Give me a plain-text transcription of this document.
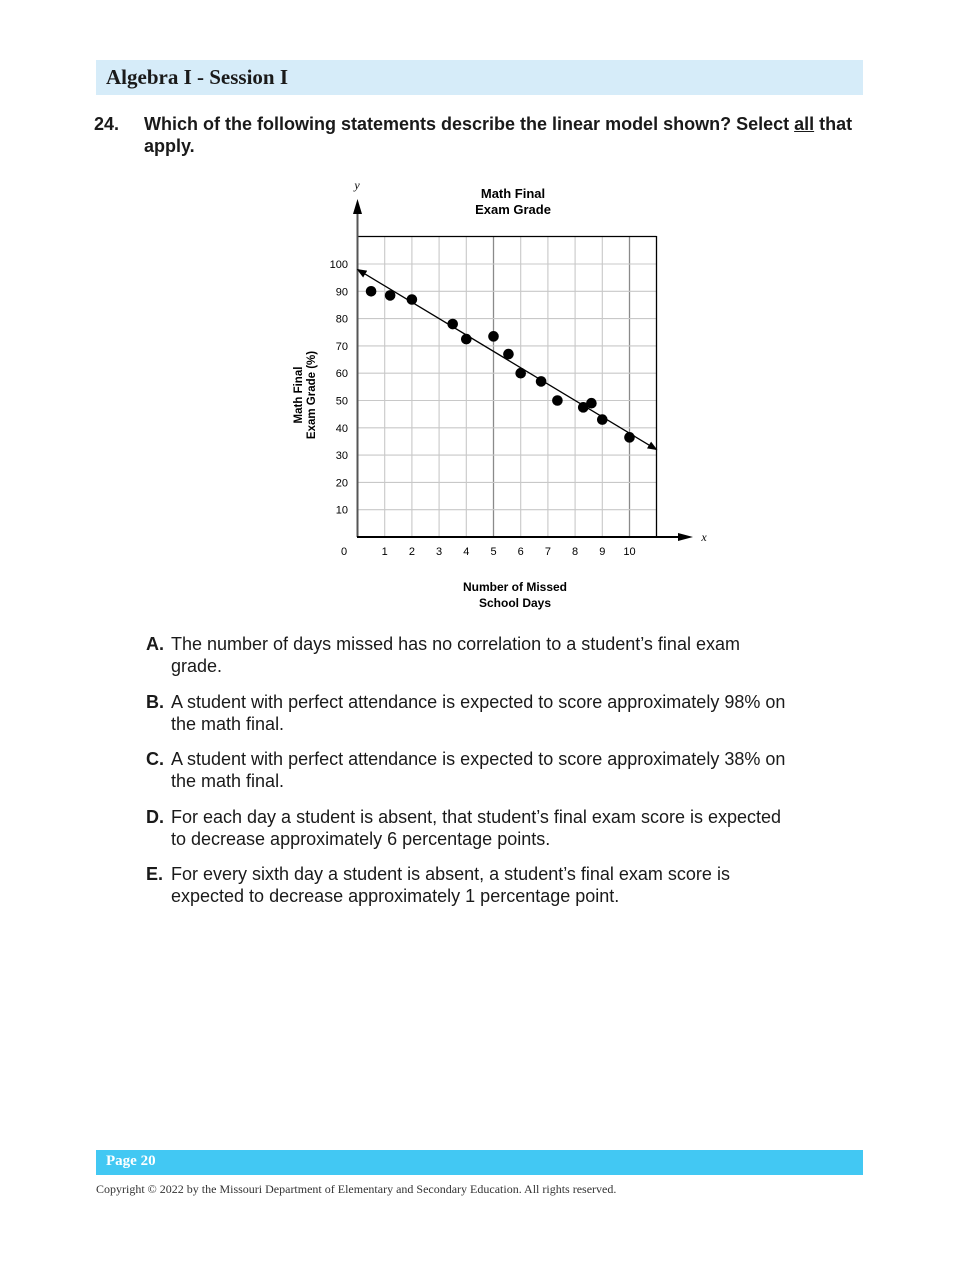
Algebra I - Session I
24. Which of the following statements describe the linear model shown? Select all that apply.
Math Final
Exam Grade
y
x
1 2 3 4 5 6 7 8 9 10
10
20
30
40
50
60
70
80
90
100
0
Math Final Exam Grade (%)
Number of Missed
School Days
A. The number of days missed has no correlation to a student’s final exam grade.
B. A student with perfect attendance is expected to score approximately 98% on the math final.
C. A student with perfect attendance is expected to score approximately 38% on the math final.
D. For each day a student is absent, that student’s final exam score is expected to decrease approximately 6 percentage points.
E. For every sixth day a student is absent, a student’s final exam score is expected to decrease approximately 1 percentage point.
Page 20
Copyright © 2022 by the Missouri Department of Elementary and Secondary Education. All rights reserved.
